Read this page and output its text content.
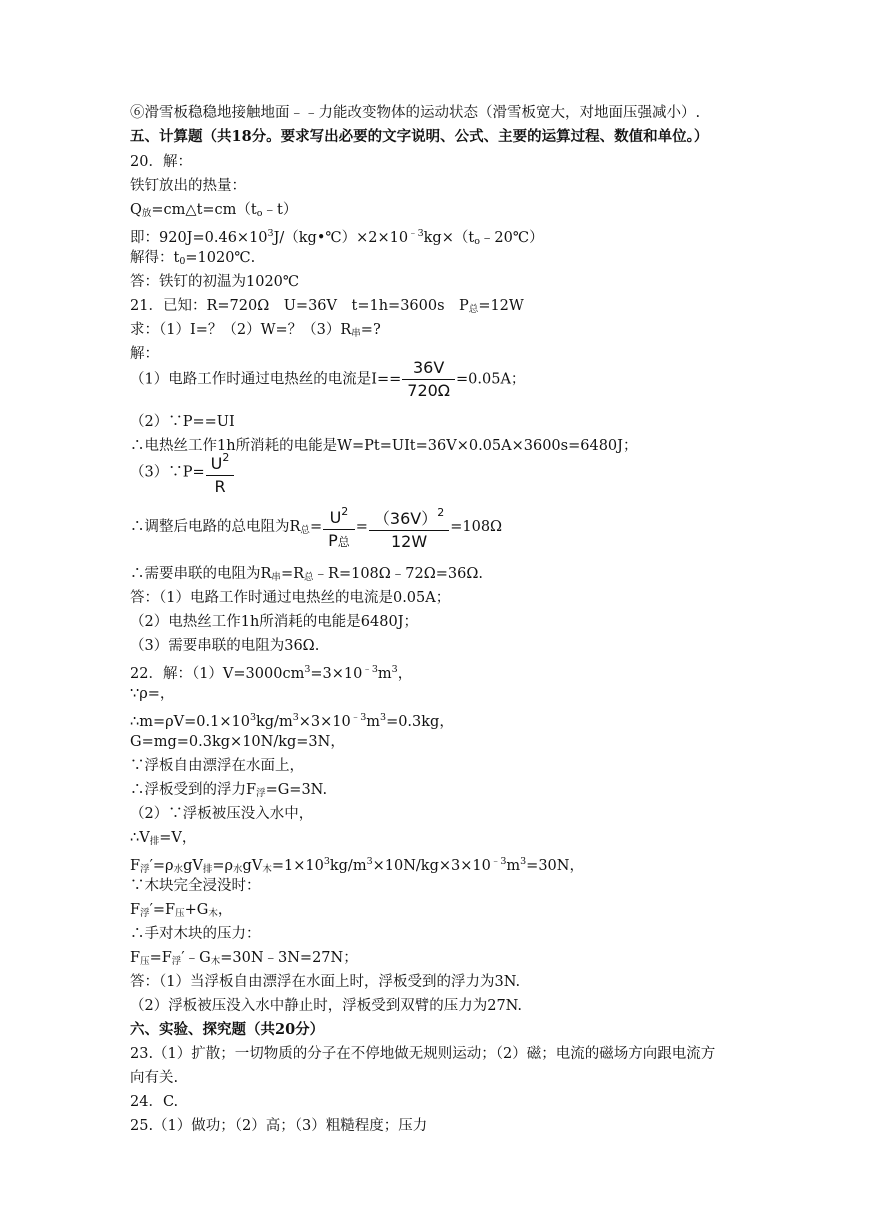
⑥滑雪板稳稳地接触地面﹣﹣力能改变物体的运动状态（滑雪板宽大，对地面压强减小）.
五、计算题（共18分。要求写出必要的文字说明、公式、主要的运算过程、数值和单位。）
20．解：
铁钉放出的热量：
$Q_放=cm\triangle t=cm(t_o﹣t)$
即：$920J=0.46\times 10^3J/(kg•℃)\times 2\times 10^{﹣3}kg\times(t_o﹣20℃)$
解得：$t_0=1020℃$.
答：铁钉的初温为1020℃
21．已知：R=720Ω　U=36V　t=1h=3600s　$P_总=12W$
求：（1）I=？（2）W=？$(3)R_串=$?
解：
（1）电路工作时通过电热丝的电流是$I== \frac{36V}{720\Omega} =0.05A$；
（2）∵P==UI
∴电热丝工作1h所消耗的电能是W=Pt=UIt=36V×0.05A×3600s=6480J；
（3）∵P= $\frac{U^2}{R}$
∴调整后电路的总电阻为$R_总= \frac{U^2}{\text{P总}} = \frac{(36V)^2}{12W} =108\Omega$
∴需要串联的电阻为$R_串=R_总﹣R=108\Omega﹣72\Omega=36\Omega$.
答：（1）电路工作时通过电热丝的电流是0.05A；
（2）电热丝工作1h所消耗的电能是6480J；
（3）需要串联的电阻为36Ω.
22．解：$(1)V=3000cm^3=3\times 10^{﹣3}m^3$，
∵ρ=，
$\therefore m=\rho V=0.1\times 10^3kg/m^3\times 3\times 10^{﹣3}m^3=0.3kg$，
G=mg=0.3kg×10N/kg=3N，
∵浮板自由漂浮在水面上，
∴浮板受到的浮力$F_浮=G=3N$.
（2）∵浮板被压没入水中，
$\therefore V_排=V$，
$F_浮'=\rho_水gV_排=\rho_水gV_木=1\times 10^3kg/m^3\times 10N/kg\times 3\times 10^{﹣3}m^3=30N$，
∵木块完全浸没时：
$F_浮'=F_压+G_木$，
∴手对木块的压力：
$F_压=F_浮'﹣G_木=30N﹣3N=27N$；
答：（1）当浮板自由漂浮在水面上时，浮板受到的浮力为3N.
（2）浮板被压没入水中静止时，浮板受到双臂的压力为27N.
六、实验、探究题（共20分）
23.（1）扩散；一切物质的分子在不停地做无规则运动；（2）磁；电流的磁场方向跟电流方
向有关.
24．C.
25.（1）做功；（2）高；（3）粗糙程度；压力
